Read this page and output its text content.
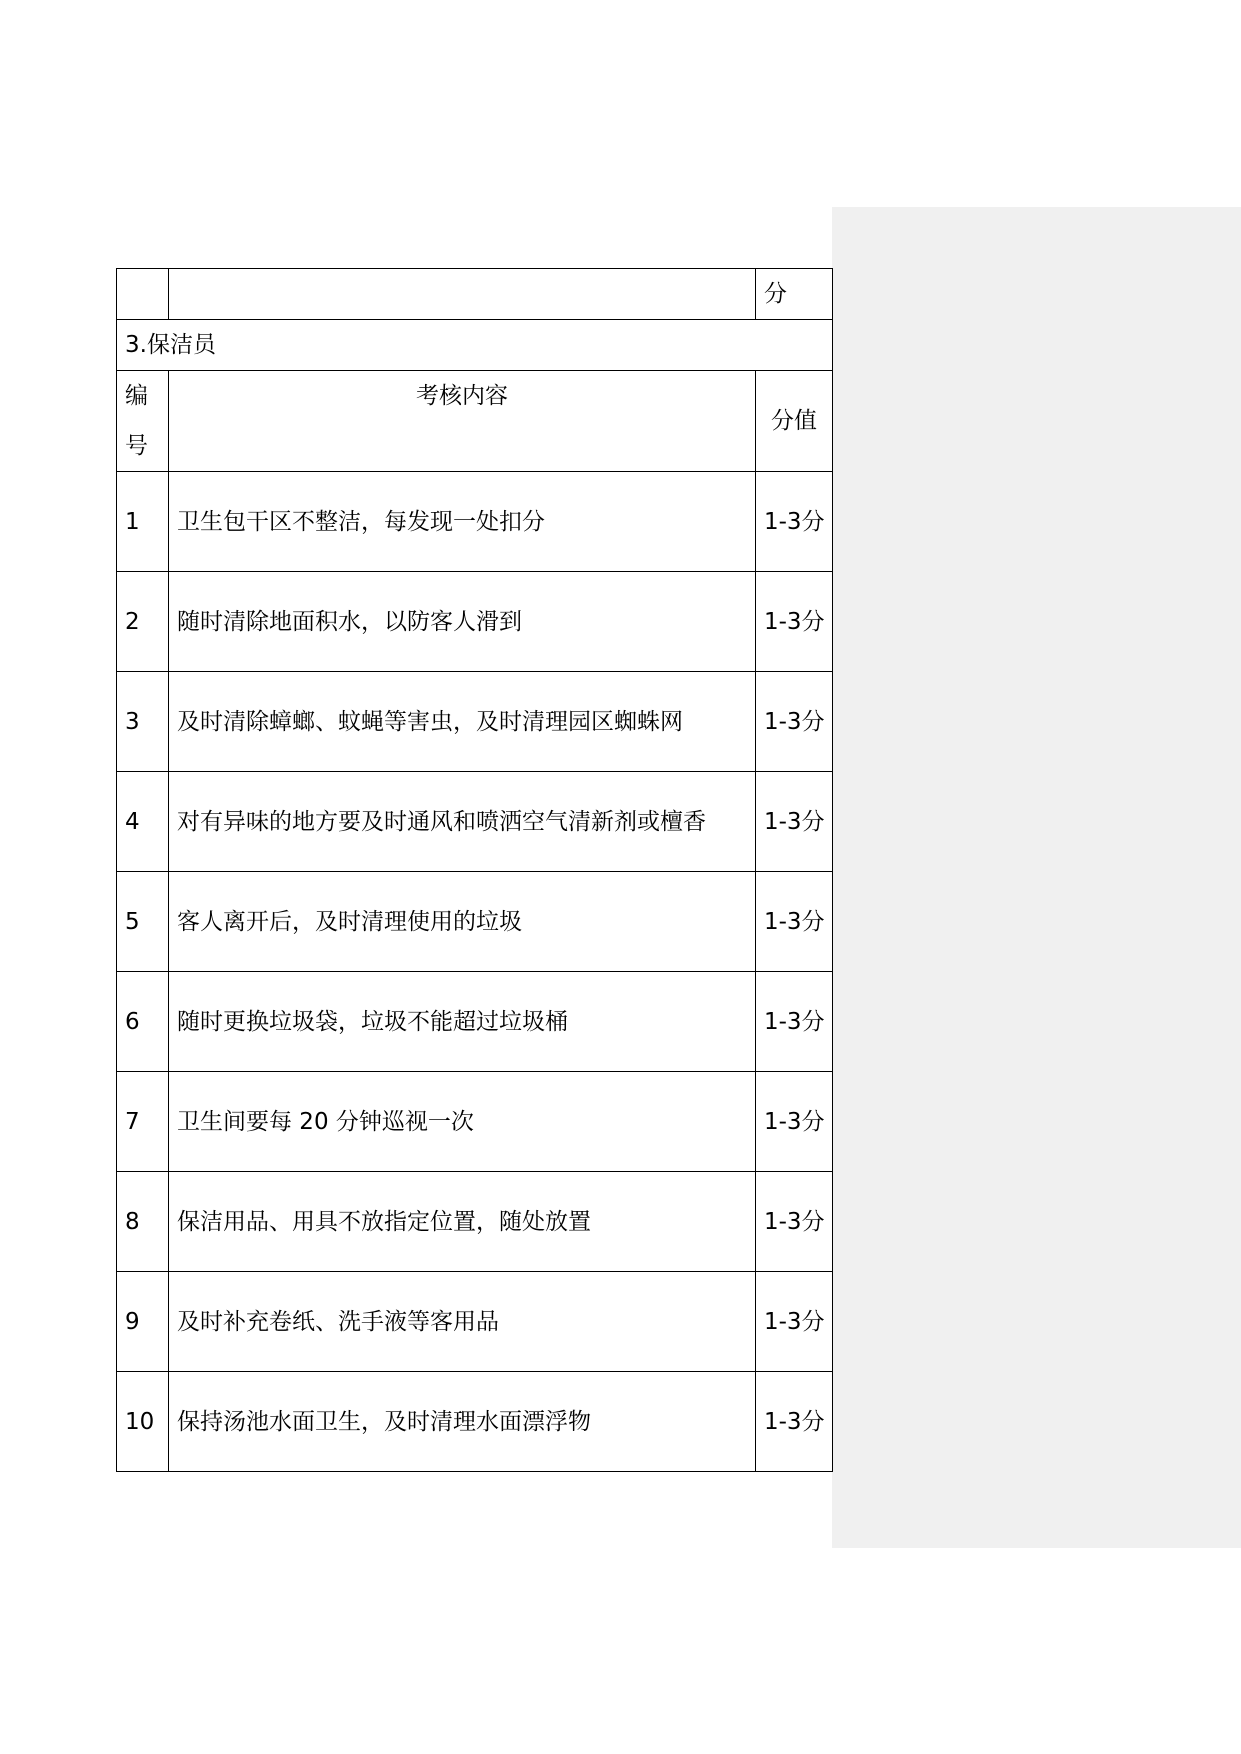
		分
3.保洁员		
编号	考核内容	分值
1	卫生包干区不整洁，每发现一处扣分	1-3分
2	随时清除地面积水，以防客人滑到	1-3分
3	及时清除蟑螂、蚊蝇等害虫，及时清理园区蜘蛛网	1-3分
4	对有异味的地方要及时通风和喷洒空气清新剂或檀香	1-3分
5	客人离开后，及时清理使用的垃圾	1-3分
6	随时更换垃圾袋，垃圾不能超过垃圾桶	1-3分
7	卫生间要每 20 分钟巡视一次	1-3分
8	保洁用品、用具不放指定位置，随处放置	1-3分
9	及时补充卷纸、洗手液等客用品	1-3分
10	保持汤池水面卫生，及时清理水面漂浮物	1-3分
